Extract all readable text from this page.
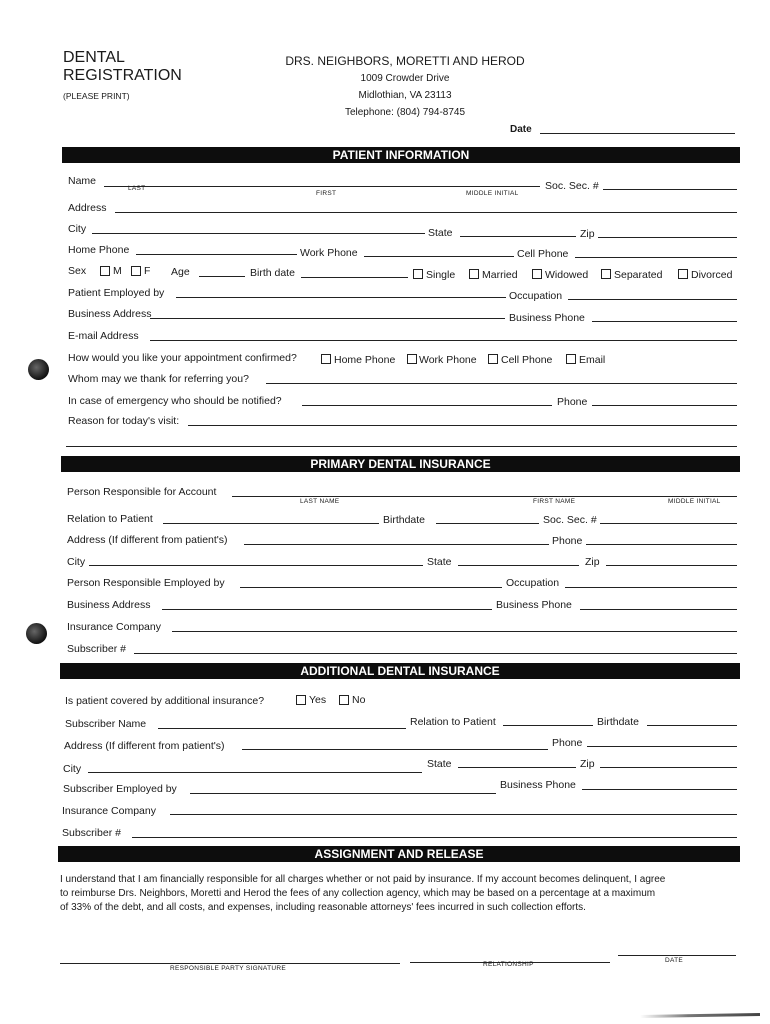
DENTAL
REGISTRATION
(PLEASE PRINT)
DRS. NEIGHBORS, MORETTI AND HEROD
1009 Crowder Drive
Midlothian, VA 23113
Telephone: (804) 794-8745
Date
PATIENT INFORMATION
Name
LAST
FIRST	MIDDLE INITIAL
Soc. Sec. #
Address
City	State	Zip
Home Phone	Work Phone	Cell Phone
Sex	M F Age	Birth date	Single	Married	Widowed Separated	Divorced
Patient Employed by	Occupation
Business Address	Business Phone
E-mail Address
How would you like your appointment confirmed?	Home Phone Work Phone Cell Phone	Email
Whom may we thank for referring you?
In case of emergency who should be notified?	Phone
Reason for today's visit:
PRIMARY DENTAL INSURANCE
Person Responsible for Account
LAST NAME	FIRST NAME	MIDDLE INITIAL
Relation to Patient	Birthdate	Soc. Sec. #
Address (If different from patient's)	Phone
City	State	Zip
Person Responsible Employed by	Occupation
Business Address	Business Phone
Insurance Company
Subscriber #
ADDITIONAL DENTAL INSURANCE
Is patient covered by additional insurance?	Yes No
Subscriber Name	Relation to Patient	Birthdate
Address (If different from patient's)	Phone
City	State	Zip
Subscriber Employed by	Business Phone
Insurance Company
Subscriber #
ASSIGNMENT AND RELEASE
I understand that I am financially responsible for all charges whether or not paid by insurance. If my account becomes delinquent, I agree
to reimburse Drs. Neighbors, Moretti and Herod the fees of any collection agency, which may be based on a percentage at a maximum
of 33% of the debt, and all costs, and expenses, including reasonable attorneys' fees incurred in such collection efforts.
RESPONSIBLE PARTY SIGNATURE
RELATIONSHIP
DATE
